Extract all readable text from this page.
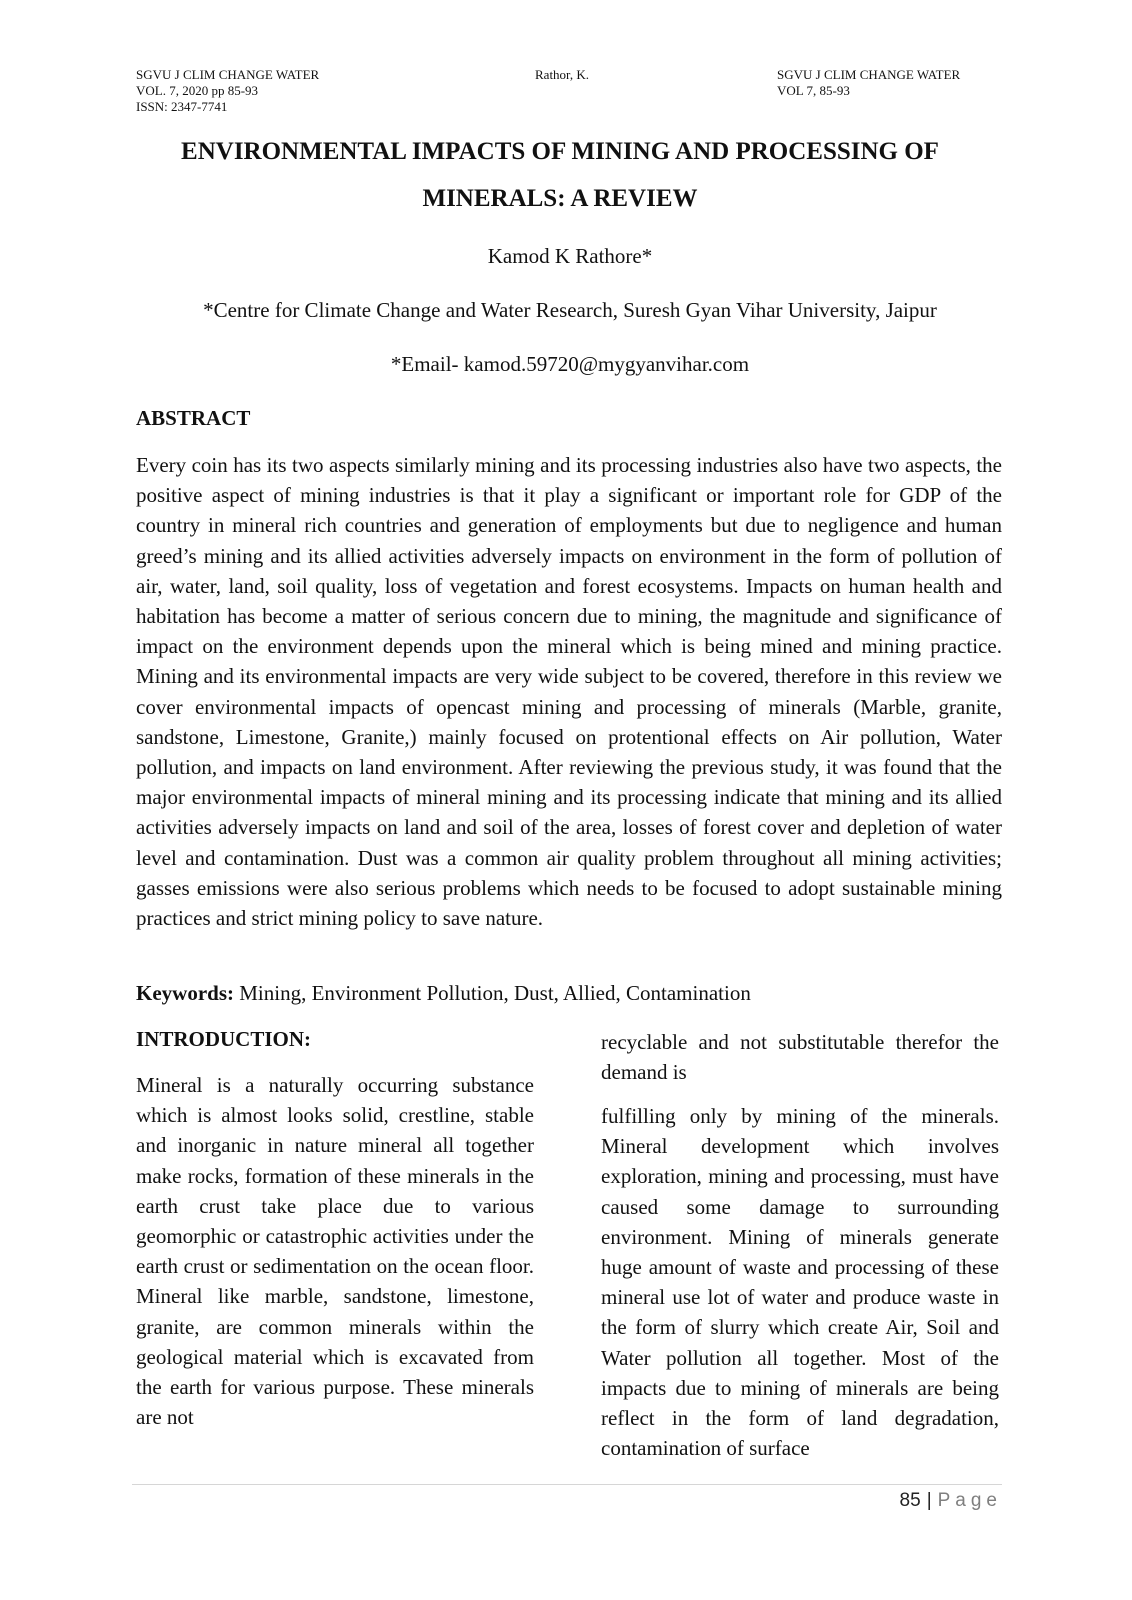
SGVU J CLIM CHANGE WATER
VOL. 7, 2020 pp 85-93
ISSN: 2347-7741
Rathor, K.	SGVU J CLIM CHANGE WATER
VOL 7, 85-93
ENVIRONMENTAL IMPACTS OF MINING AND PROCESSING OF
MINERALS: A REVIEW
Kamod K Rathore*
*Centre for Climate Change and Water Research, Suresh Gyan Vihar University, Jaipur
*Email- kamod.59720@mygyanvihar.com
ABSTRACT

Every coin has its two aspects similarly mining and its processing industries also have two aspects, the positive aspect of mining industries is that it play a significant or important role for GDP of the country in mineral rich countries and generation of employments but due to negligence and human greed’s mining and its allied activities adversely impacts on environment in the form of pollution of air, water, land, soil quality, loss of vegetation and forest ecosystems. Impacts on human health and habitation has become a matter of serious concern due to mining, the magnitude and significance of impact on the environment depends upon the mineral which is being mined and mining practice. Mining and its environmental impacts are very wide subject to be covered, therefore in this review we cover environmental impacts of opencast mining and processing of minerals (Marble, granite, sandstone, Limestone, Granite,) mainly focused on protentional effects on Air pollution, Water pollution, and impacts on land environment. After reviewing the previous study, it was found that the major environmental impacts of mineral mining and its processing indicate that mining and its allied activities adversely impacts on land and soil of the area, losses of forest cover and depletion of water level and contamination. Dust was a common air quality problem throughout all mining activities; gasses emissions were also serious problems which needs to be focused to adopt sustainable mining practices and strict mining policy to save nature.

Keywords: Mining, Environment Pollution, Dust, Allied, Contamination
INTRODUCTION:

Mineral is a naturally occurring substance which is almost looks solid, crestline, stable and inorganic in nature mineral all together make rocks, formation of these minerals in the earth crust take place due to various geomorphic or catastrophic activities under the earth crust or sedimentation on the ocean floor. Mineral like marble, sandstone, limestone, granite, are common minerals within the geological material which is excavated from the earth for various purpose. These minerals are not

recyclable and not substitutable therefor the demand is

fulfilling only by mining of the minerals. Mineral development which involves exploration, mining and processing, must have caused some damage to surrounding environment. Mining of minerals generate huge amount of waste and processing of these mineral use lot of water and produce waste in the form of slurry which create Air, Soil and Water pollution all together. Most of the impacts due to mining of minerals are being reflect in the form of land degradation, contamination of surface

85 | Page
